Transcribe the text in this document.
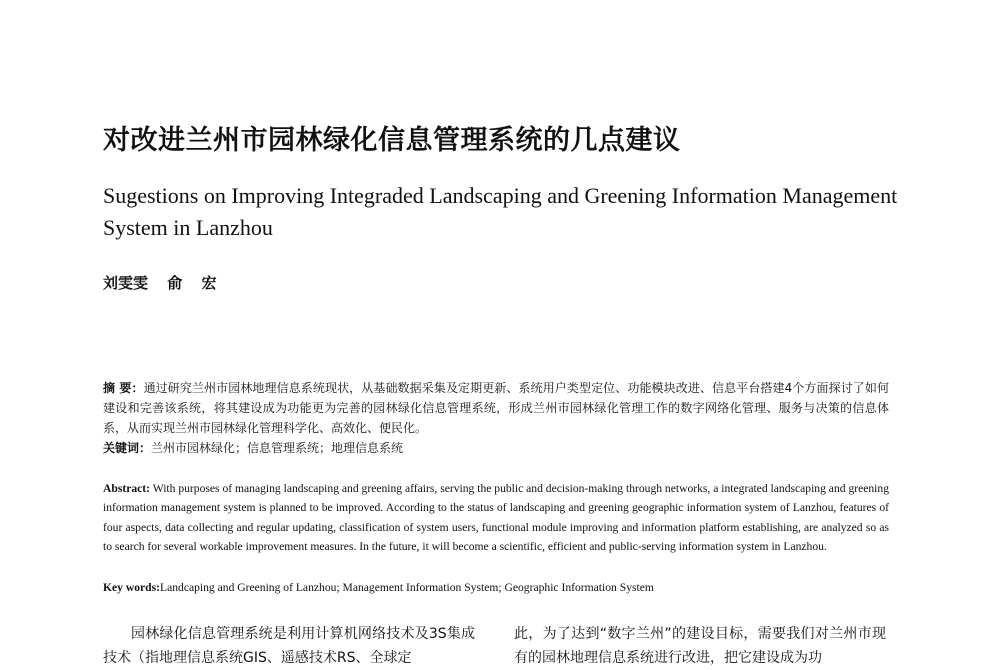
对改进兰州市园林绿化信息管理系统的几点建议
Sugestions on Improving Integraded Landscaping and Greening Information Management System in Lanzhou
刘雯雯 俞 宏
摘 要：通过研究兰州市园林地理信息系统现状，从基础数据采集及定期更新、系统用户类型定位、功能模块改进、信息平台搭建4个方面探讨了如何建设和完善该系统，将其建设成为功能更为完善的园林绿化信息管理系统，形成兰州市园林绿化管理工作的数字网络化管理、服务与决策的信息体系，从而实现兰州市园林绿化管理科学化、高效化、便民化。
关键词：兰州市园林绿化；信息管理系统；地理信息系统
Abstract: With purposes of managing landscaping and greening affairs, serving the public and decision-making through networks, a integrated landscaping and greening information management system is planned to be improved. According to the status of landscaping and greening geographic information system of Lanzhou, features of four aspects, data collecting and regular updating, classification of system users, functional module improving and information platform establishing, are analyzed so as to search for several workable improvement measures. In the future, it will become a scientific, efficient and public-serving information system in Lanzhou.
Key words:Landcaping and Greening of Lanzhou; Management Information System; Geographic Information System
园林绿化信息管理系统是利用计算机网络技术及3S集成技术（指地理信息系统GIS、遥感技术RS、全球定
此，为了达到“数字兰州”的建设目标，需要我们对兰州市现有的园林地理信息系统进行改进，把它建设成为功
